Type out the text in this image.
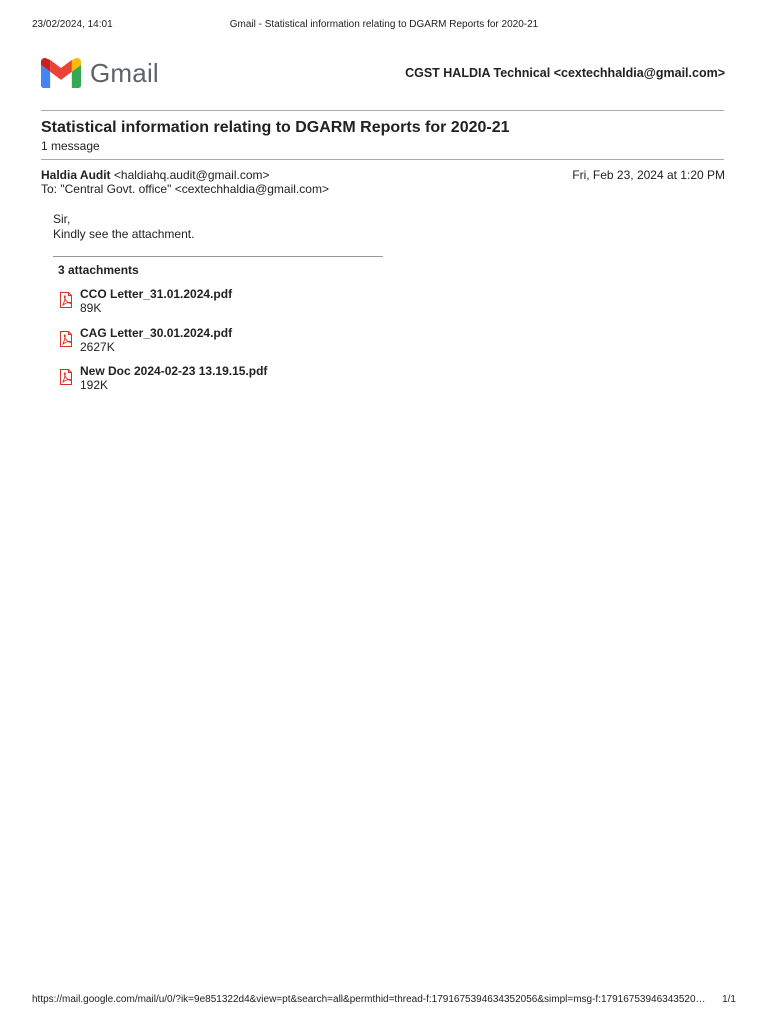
23/02/2024, 14:01	Gmail - Statistical information relating to DGARM Reports for 2020-21
Gmail	CGST HALDIA Technical <cextechhaldia@gmail.com>
Statistical information relating to DGARM Reports for 2020-21
1 message
Haldia Audit <haldiahq.audit@gmail.com>	Fri, Feb 23, 2024 at 1:20 PM
To: "Central Govt. office" <cextechhaldia@gmail.com>
Sir,
Kindly see the attachment.
3 attachments
CCO Letter_31.01.2024.pdf
89K
CAG Letter_30.01.2024.pdf
2627K
New Doc 2024-02-23 13.19.15.pdf
192K
https://mail.google.com/mail/u/0/?ik=9e851322d4&view=pt&search=all&permthid=thread-f:1791675394634352056&simpl=msg-f:17916753946343520…	1/1
